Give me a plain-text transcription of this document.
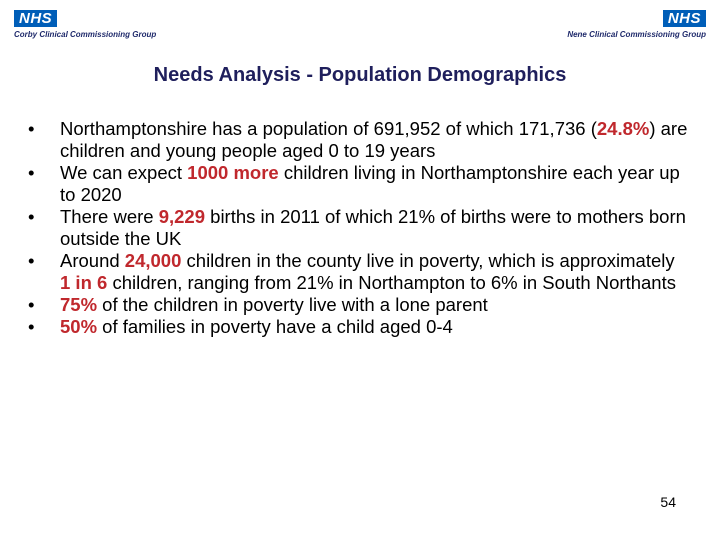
NHS
Corby Clinical Commissioning Group
NHS
Nene Clinical Commissioning Group
Needs Analysis - Population Demographics
• Northamptonshire has a population of 691,952 of which 171,736 (24.8%) are children and young people aged 0 to 19 years
• We can expect 1000 more children living in Northamptonshire each year up to 2020
• There were 9,229 births in 2011 of which 21% of births were to mothers born outside the UK
• Around 24,000 children in the county live in poverty, which is approximately 1 in 6 children, ranging from 21% in Northampton to 6% in South Northants
• 75% of the children in poverty live with a lone parent
• 50% of families in poverty have a child aged 0-4
54
